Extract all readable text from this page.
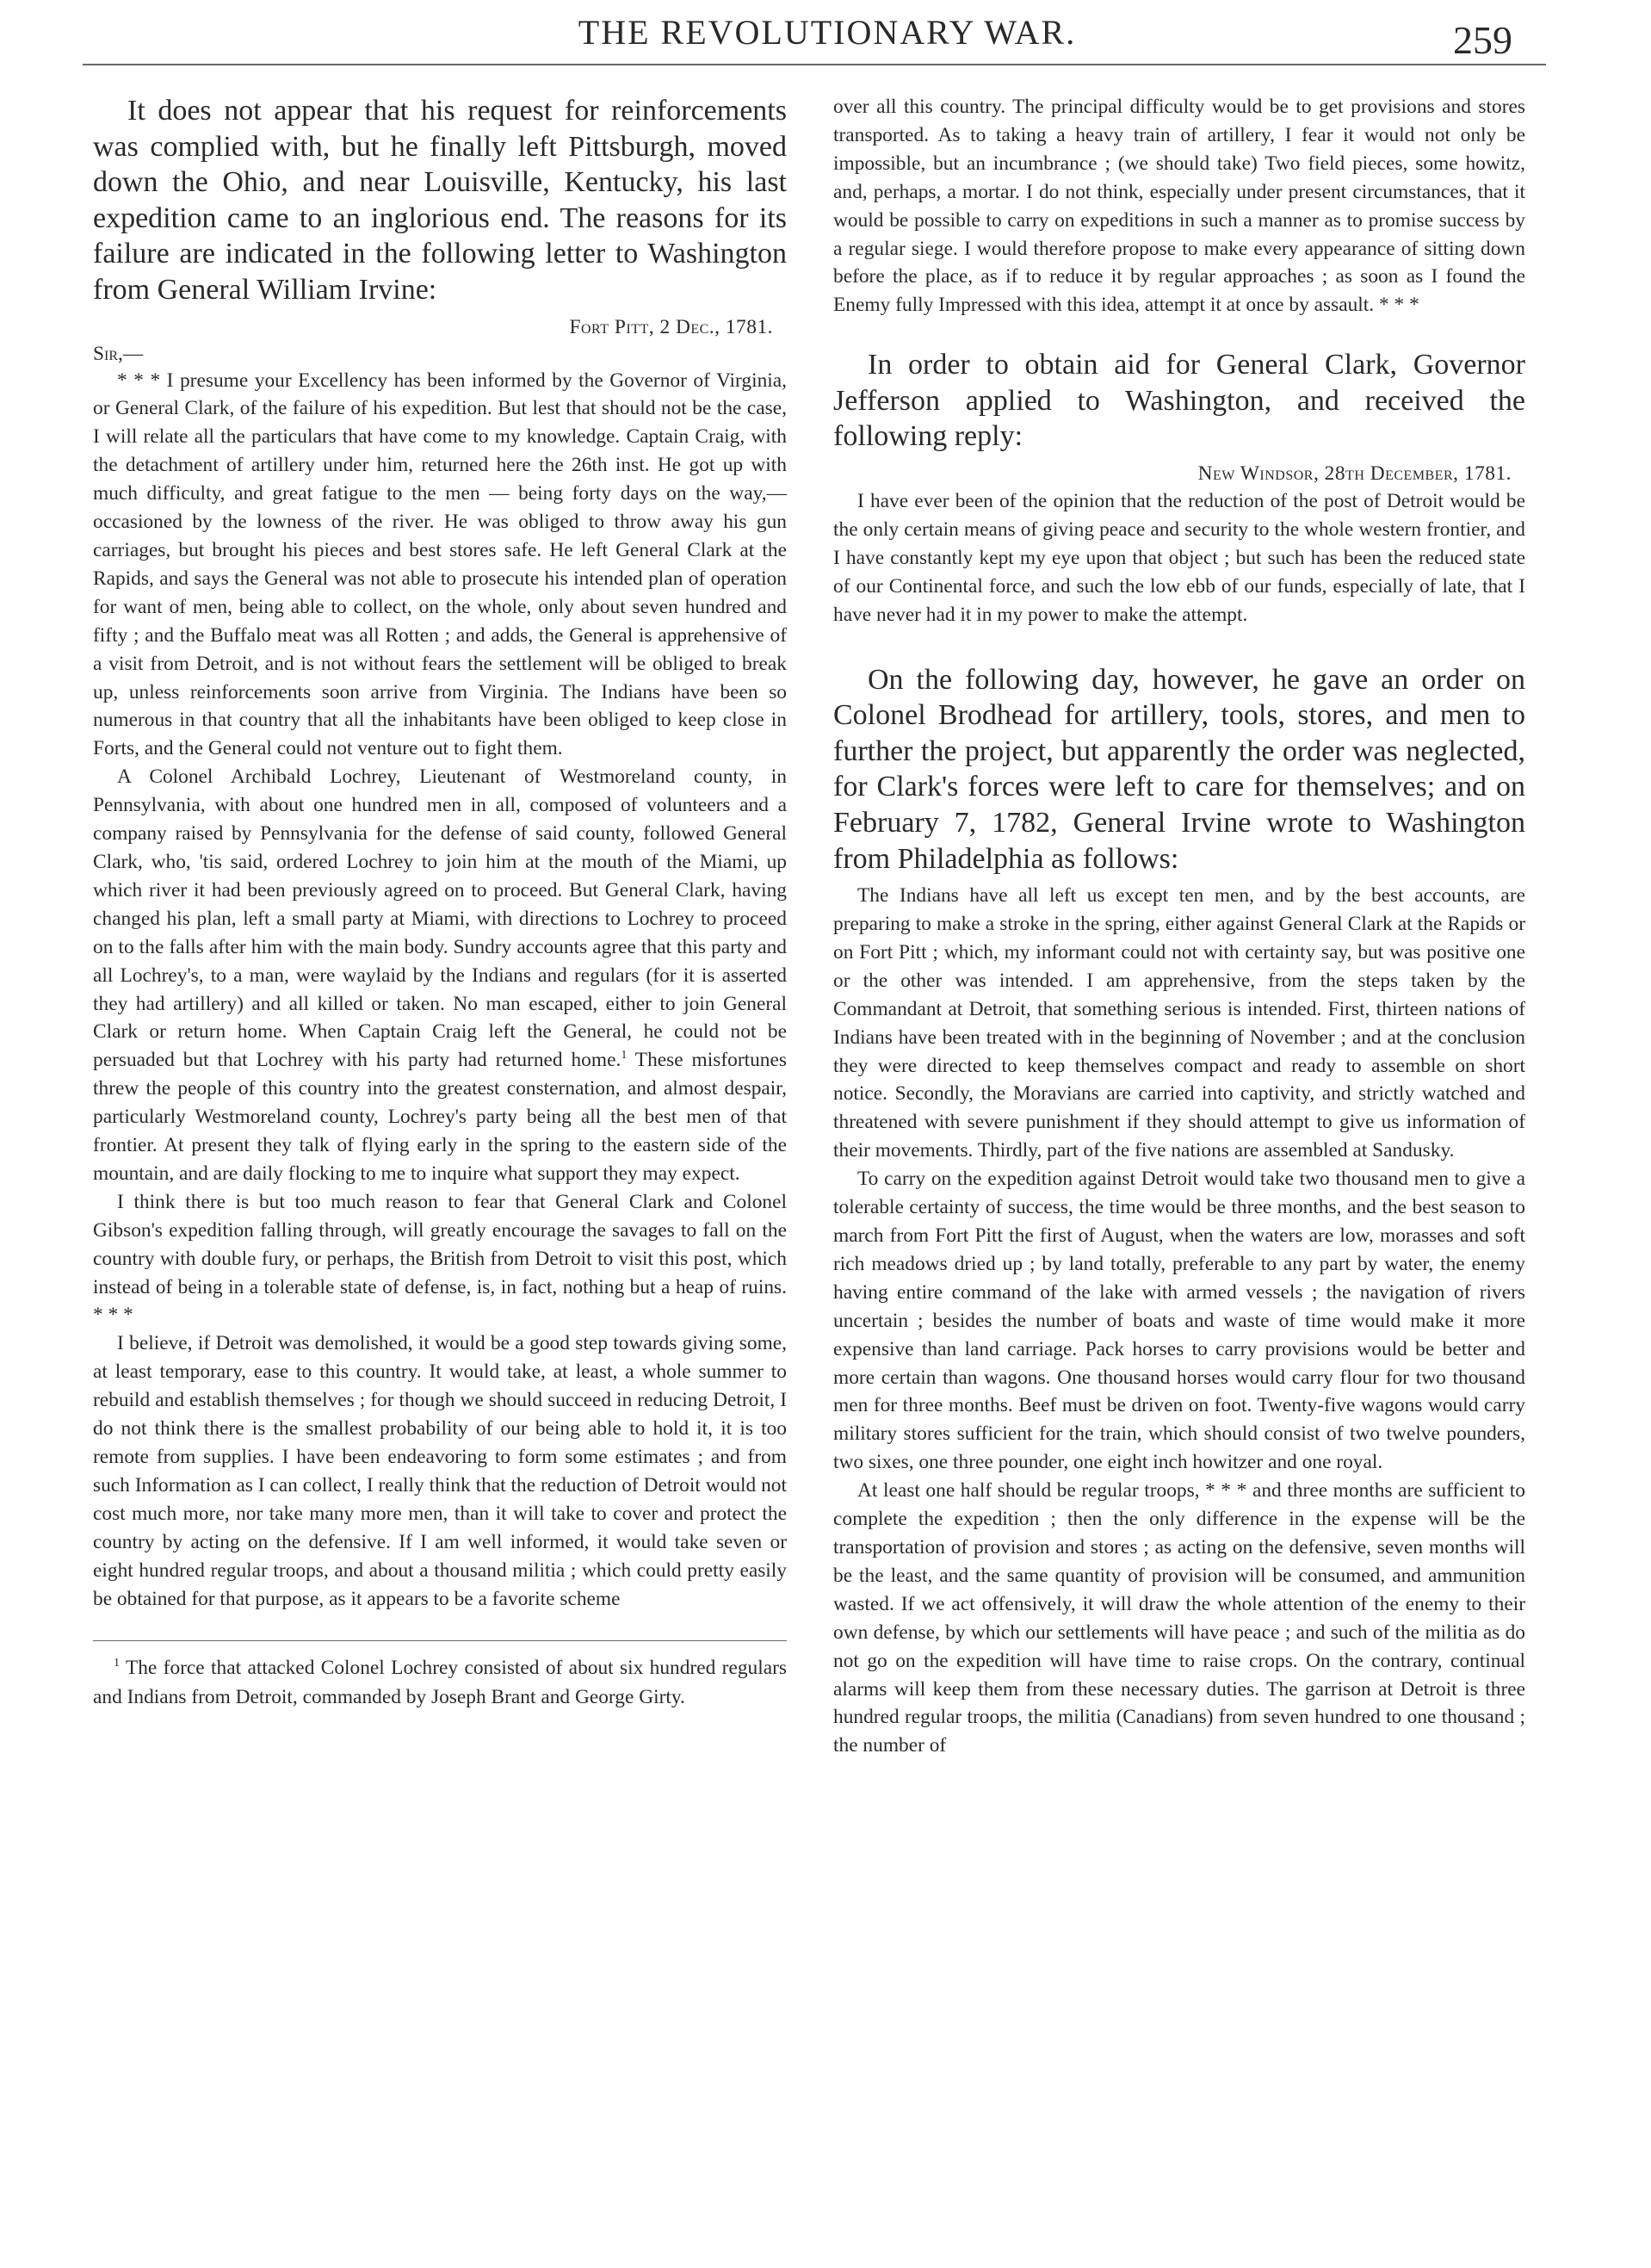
THE REVOLUTIONARY WAR.	259

It does not appear that his request for reinforcements was complied with, but he finally left Pittsburgh, moved down the Ohio, and near Louisville, Kentucky, his last expedition came to an inglorious end. The reasons for its failure are indicated in the following letter to Washington from General William Irvine:

Fort Pitt, 2 Dec., 1781.

Sir,—

* * * I presume your Excellency has been informed by the Governor of Virginia, or General Clark, of the failure of his expedition. But lest that should not be the case, I will relate all the particulars that have come to my knowledge. Captain Craig, with the detachment of artillery under him, returned here the 26th inst. He got up with much difficulty, and great fatigue to the men — being forty days on the way,— occasioned by the lowness of the river. He was obliged to throw away his gun carriages, but brought his pieces and best stores safe. He left General Clark at the Rapids, and says the General was not able to prosecute his intended plan of operation for want of men, being able to collect, on the whole, only about seven hundred and fifty ; and the Buffalo meat was all Rotten ; and adds, the General is apprehensive of a visit from Detroit, and is not without fears the settlement will be obliged to break up, unless reinforcements soon arrive from Virginia. The Indians have been so numerous in that country that all the inhabitants have been obliged to keep close in Forts, and the General could not venture out to fight them.

A Colonel Archibald Lochrey, Lieutenant of Westmoreland county, in Pennsylvania, with about one hundred men in all, composed of volunteers and a company raised by Pennsylvania for the defense of said county, followed General Clark, who, 'tis said, ordered Lochrey to join him at the mouth of the Miami, up which river it had been previously agreed on to proceed. But General Clark, having changed his plan, left a small party at Miami, with directions to Lochrey to proceed on to the falls after him with the main body. Sundry accounts agree that this party and all Lochrey's, to a man, were waylaid by the Indians and regulars (for it is asserted they had artillery) and all killed or taken. No man escaped, either to join General Clark or return home. When Captain Craig left the General, he could not be persuaded but that Lochrey with his party had returned home.$^1$ These misfortunes threw the people of this country into the greatest consternation, and almost despair, particularly Westmoreland county, Lochrey's party being all the best men of that frontier. At present they talk of flying early in the spring to the eastern side of the mountain, and are daily flocking to me to inquire what support they may expect.

I think there is but too much reason to fear that General Clark and Colonel Gibson's expedition falling through, will greatly encourage the savages to fall on the country with double fury, or perhaps, the British from Detroit to visit this post, which instead of being in a tolerable state of defense, is, in fact, nothing but a heap of ruins. * * *

I believe, if Detroit was demolished, it would be a good step towards giving some, at least temporary, ease to this country. It would take, at least, a whole summer to rebuild and establish themselves ; for though we should succeed in reducing Detroit, I do not think there is the smallest probability of our being able to hold it, it is too remote from supplies. I have been endeavoring to form some estimates ; and from such Information as I can collect, I really think that the reduction of Detroit would not cost much more, nor take many more men, than it will take to cover and protect the country by acting on the defensive. If I am well informed, it would take seven or eight hundred regular troops, and about a thousand militia ; which could pretty easily be obtained for that purpose, as it appears to be a favorite scheme

$^1$ The force that attacked Colonel Lochrey consisted of about six hundred regulars and Indians from Detroit, commanded by Joseph Brant and George Girty.

over all this country. The principal difficulty would be to get provisions and stores transported. As to taking a heavy train of artillery, I fear it would not only be impossible, but an incumbrance ; (we should take) Two field pieces, some howitz, and, perhaps, a mortar. I do not think, especially under present circumstances, that it would be possible to carry on expeditions in such a manner as to promise success by a regular siege. I would therefore propose to make every appearance of sitting down before the place, as if to reduce it by regular approaches ; as soon as I found the Enemy fully Impressed with this idea, attempt it at once by assault. * * *

In order to obtain aid for General Clark, Governor Jefferson applied to Washington, and received the following reply:

New Windsor, 28th December, 1781.

I have ever been of the opinion that the reduction of the post of Detroit would be the only certain means of giving peace and security to the whole western frontier, and I have constantly kept my eye upon that object ; but such has been the reduced state of our Continental force, and such the low ebb of our funds, especially of late, that I have never had it in my power to make the attempt.

On the following day, however, he gave an order on Colonel Brodhead for artillery, tools, stores, and men to further the project, but apparently the order was neglected, for Clark's forces were left to care for themselves; and on February 7, 1782, General Irvine wrote to Washington from Philadelphia as follows:

The Indians have all left us except ten men, and by the best accounts, are preparing to make a stroke in the spring, either against General Clark at the Rapids or on Fort Pitt ; which, my informant could not with certainty say, but was positive one or the other was intended. I am apprehensive, from the steps taken by the Commandant at Detroit, that something serious is intended. First, thirteen nations of Indians have been treated with in the beginning of November ; and at the conclusion they were directed to keep themselves compact and ready to assemble on short notice. Secondly, the Moravians are carried into captivity, and strictly watched and threatened with severe punishment if they should attempt to give us information of their movements. Thirdly, part of the five nations are assembled at Sandusky.

To carry on the expedition against Detroit would take two thousand men to give a tolerable certainty of success, the time would be three months, and the best season to march from Fort Pitt the first of August, when the waters are low, morasses and soft rich meadows dried up ; by land totally, preferable to any part by water, the enemy having entire command of the lake with armed vessels ; the navigation of rivers uncertain ; besides the number of boats and waste of time would make it more expensive than land carriage. Pack horses to carry provisions would be better and more certain than wagons. One thousand horses would carry flour for two thousand men for three months. Beef must be driven on foot. Twenty-five wagons would carry military stores sufficient for the train, which should consist of two twelve pounders, two sixes, one three pounder, one eight inch howitzer and one royal.

At least one half should be regular troops, * * * and three months are sufficient to complete the expedition ; then the only difference in the expense will be the transportation of provision and stores ; as acting on the defensive, seven months will be the least, and the same quantity of provision will be consumed, and ammunition wasted. If we act offensively, it will draw the whole attention of the enemy to their own defense, by which our settlements will have peace ; and such of the militia as do not go on the expedition will have time to raise crops. On the contrary, continual alarms will keep them from these necessary duties. The garrison at Detroit is three hundred regular troops, the militia (Canadians) from seven hundred to one thousand ; the number of
